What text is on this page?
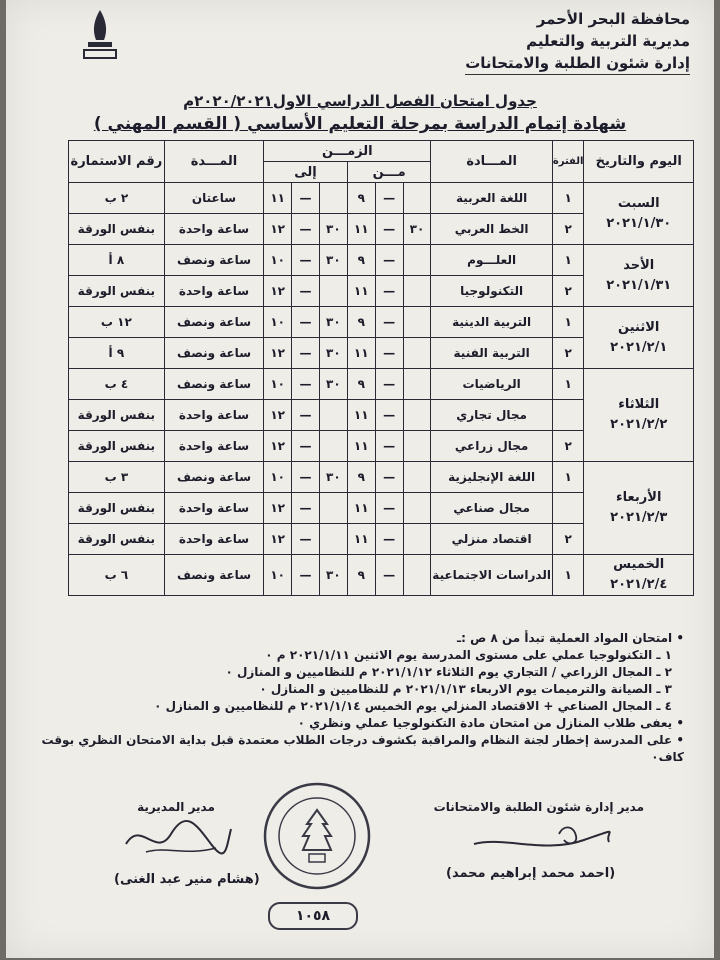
محافظة البحر الأحمر
مديرية التربية والتعليم
إدارة شئون الطلبة والامتحانات
جدول امتحان الفصل الدراسي الاول٢٠٢٠/٢٠٢١م
شهادة إتمام الدراسة بمرحلة التعليم الأساسي ( القسم المهني )
اليوم والتاريخ	الفترة	المـــادة	الزمـــن						المـــدة	رقم الاستمارة
			مـــن			إلى				

السبت
٢٠٢١/١/٣٠	١	اللغة العربية		—	٩		—	١١	ساعتان	٢ ب
	٢	الخط العربي	٣٠	—	١١	٣٠	—	١٢	ساعة واحدة	بنفس الورقة

الأحد
٢٠٢١/١/٣١	١	العلـــوم		—	٩	٣٠	—	١٠	ساعة ونصف	٨ أ
	٢	التكنولوجيا		—	١١		—	١٢	ساعة واحدة	بنفس الورقة

الاثنين
٢٠٢١/٢/١	١	التربية الدينية		—	٩	٣٠	—	١٠	ساعة ونصف	١٢ ب
	٢	التربية الفنية		—	١١	٣٠	—	١٢	ساعة ونصف	٩ أ

الثلاثاء
٢٠٢١/٢/٢	١	الرياضيات		—	٩	٣٠	—	١٠	ساعة ونصف	٤ ب
		مجال تجاري		—	١١		—	١٢	ساعة واحدة	بنفس الورقة
	٢	مجال زراعي		—	١١		—	١٢	ساعة واحدة	بنفس الورقة

الأربعاء
٢٠٢١/٢/٣	١	اللغة الإنجليزية		—	٩	٣٠	—	١٠	ساعة ونصف	٣ ب
		مجال صناعي		—	١١		—	١٢	ساعة واحدة	بنفس الورقة
	٢	اقتصاد منزلي		—	١١		—	١٢	ساعة واحدة	بنفس الورقة

الخميس
٢٠٢١/٢/٤	١	الدراسات الاجتماعية		—	٩	٣٠	—	١٠	ساعة ونصف	٦ ب
• امتحان المواد العملية تبدأ من ٨ ص :ـ
١ ـ التكنولوجيا عملي على مستوى المدرسة يوم الاثنين ٢٠٢١/١/١١ م ٠
٢ ـ المجال الزراعي / التجاري يوم الثلاثاء ٢٠٢١/١/١٢ م للنظاميين و المنازل ٠
٣ ـ الصيانة والترميمات يوم الاربعاء ٢٠٢١/١/١٣ م للنظاميين و المنازل ٠
٤ ـ المجال الصناعي + الاقتصاد المنزلي يوم الخميس ٢٠٢١/١/١٤ م للنظاميين و المنازل ٠
• يعفى طلاب المنازل من امتحان مادة التكنولوجيا عملي ونظري ٠
• على المدرسة إخطار لجنة النظام والمراقبة بكشوف درجات الطلاب معتمدة قبل بداية الامتحان النظري بوقت كاف٠
مدير المديرية
(هشام منير عبد الغنى)
١٠٥٨
مدير إدارة شئون الطلبة والامتحانات
(احمد محمد إبراهيم محمد)
